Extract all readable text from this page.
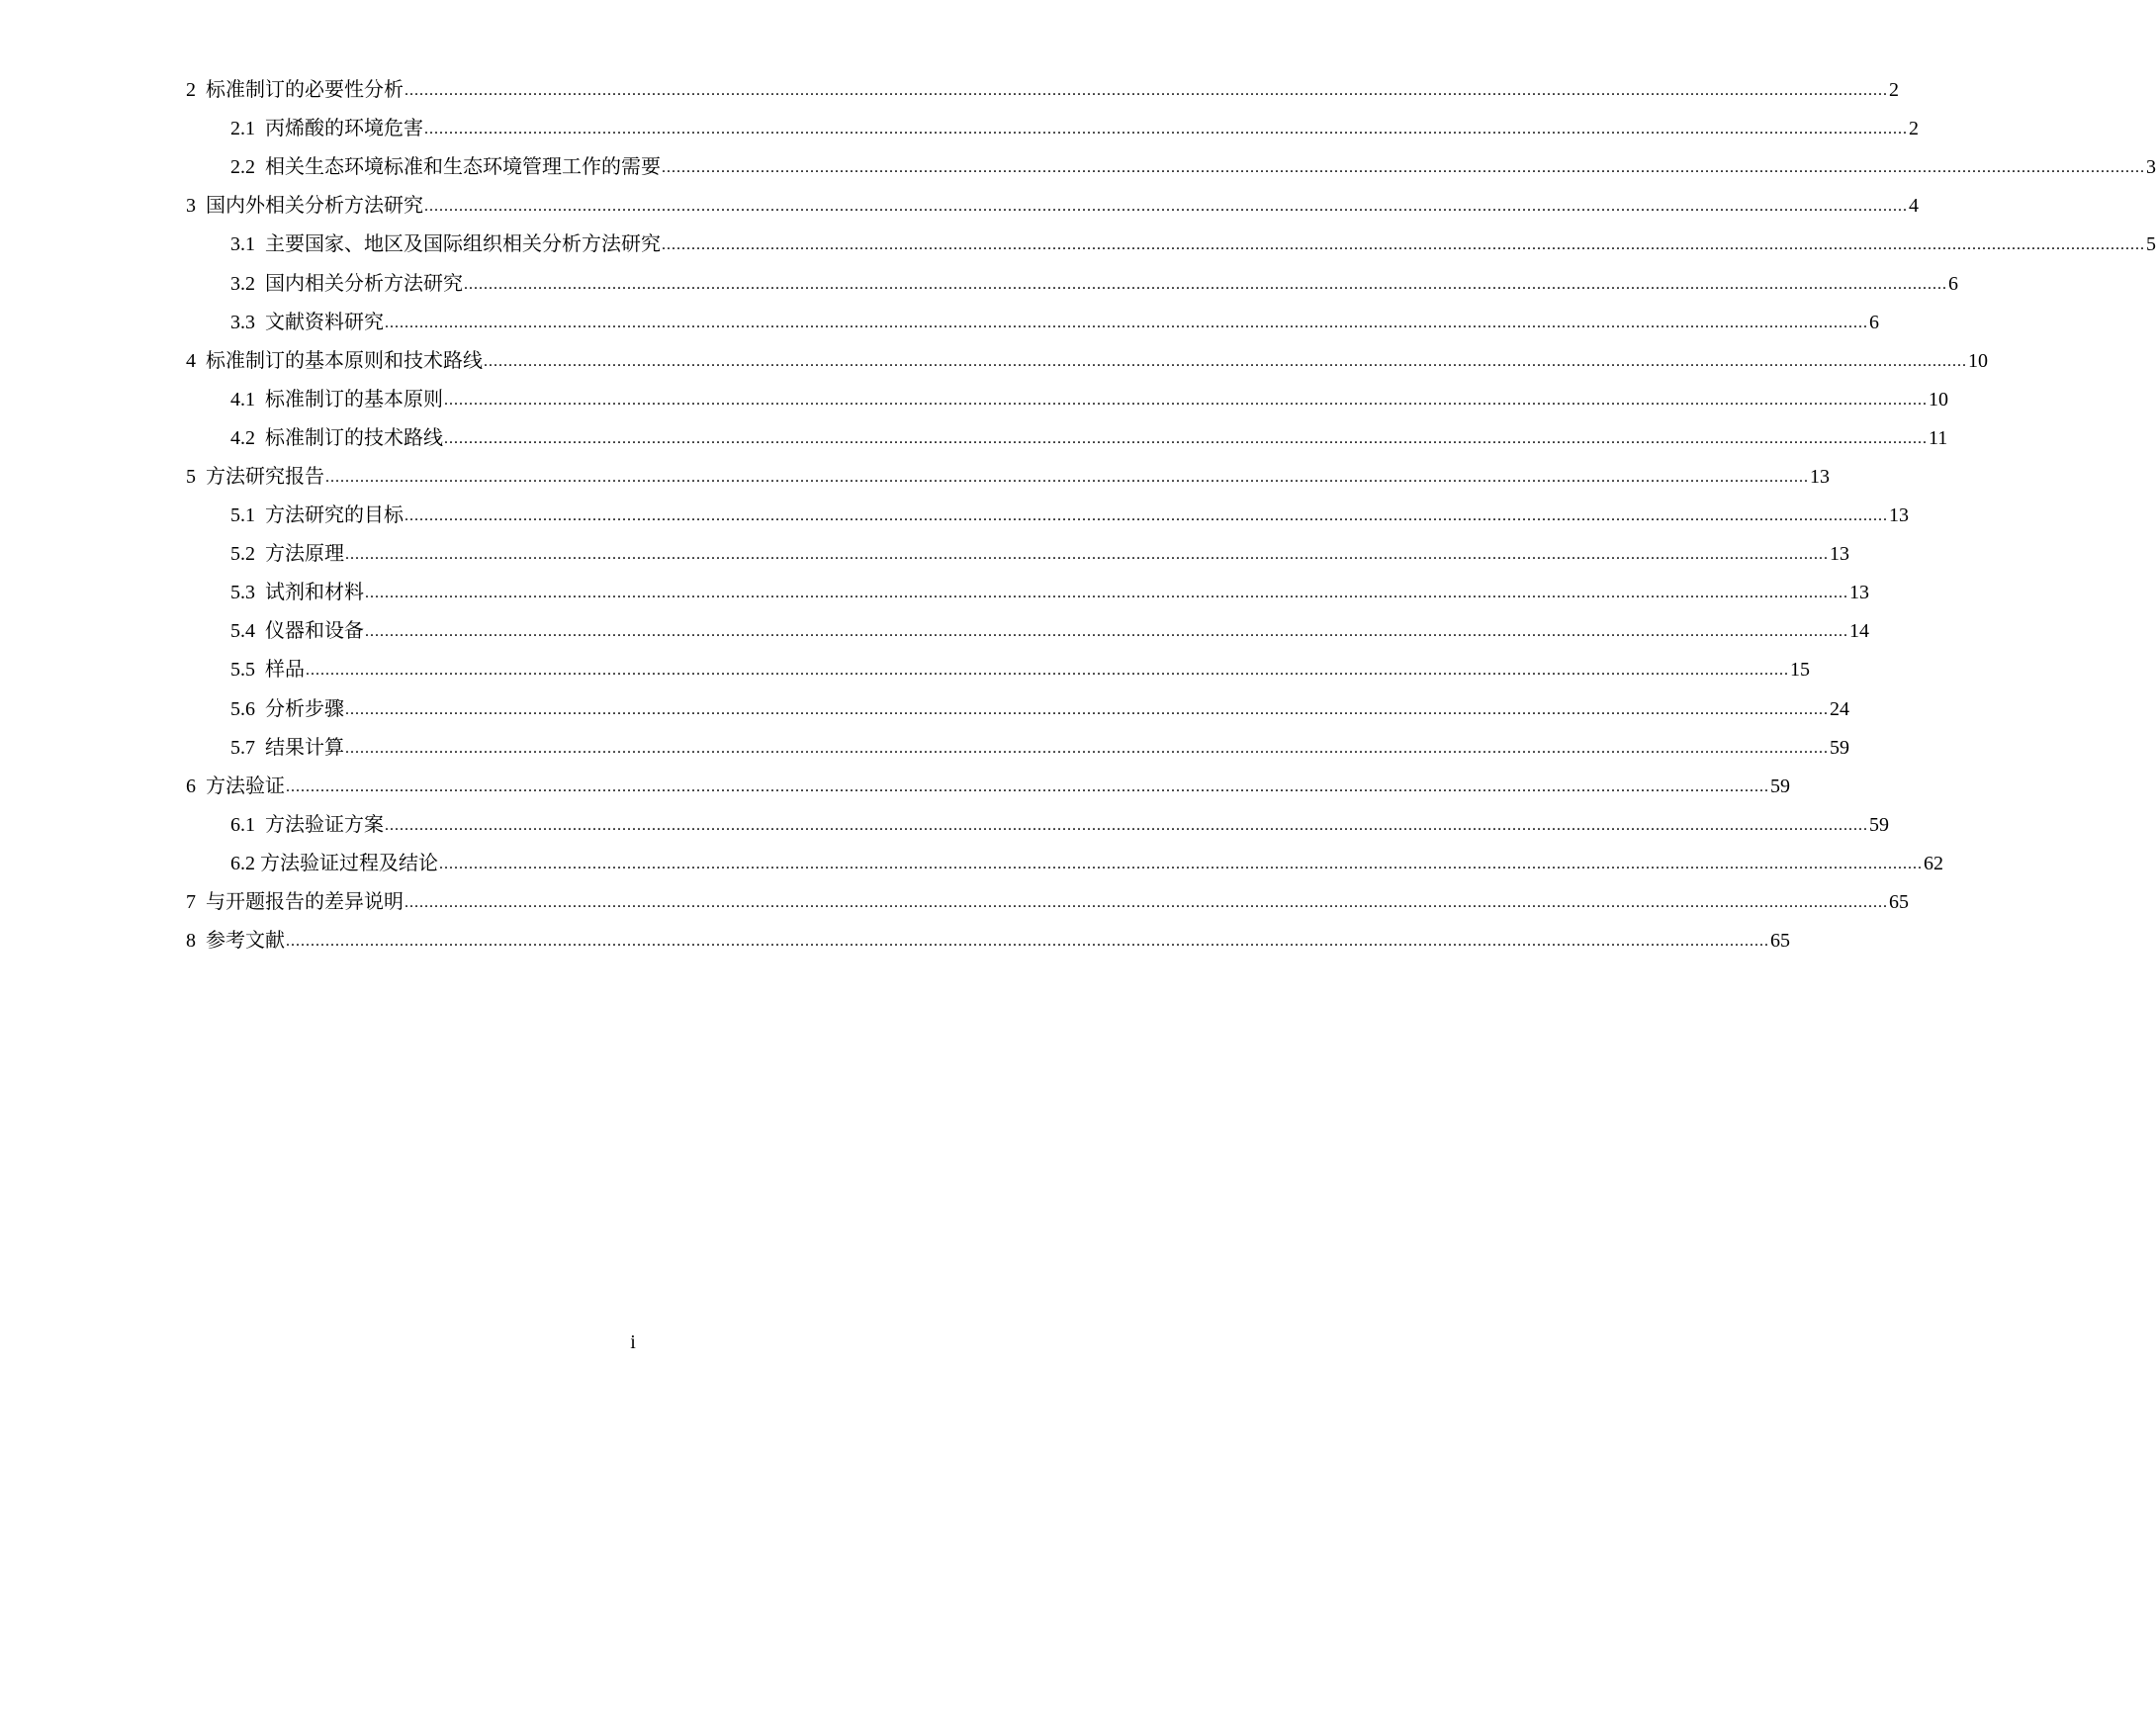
2 标准制订的必要性分析 ............................................................................................................................................................................................................................................................................................................ 2
2.1 丙烯酸的环境危害 ............................................................................................................................................................................................................................................................................................................ 2
2.2 相关生态环境标准和生态环境管理工作的需要 ............................................................................................................................................................................................................................................................................................................ 3
3 国内外相关分析方法研究 ............................................................................................................................................................................................................................................................................................................ 4
3.1 主要国家、地区及国际组织相关分析方法研究 ............................................................................................................................................................................................................................................................................................................ 5
3.2 国内相关分析方法研究 ............................................................................................................................................................................................................................................................................................................ 6
3.3 文献资料研究 ............................................................................................................................................................................................................................................................................................................ 6
4 标准制订的基本原则和技术路线 ............................................................................................................................................................................................................................................................................................................ 10
4.1 标准制订的基本原则 ............................................................................................................................................................................................................................................................................................................ 10
4.2 标准制订的技术路线 ............................................................................................................................................................................................................................................................................................................ 11
5 方法研究报告 ............................................................................................................................................................................................................................................................................................................ 13
5.1 方法研究的目标 ............................................................................................................................................................................................................................................................................................................ 13
5.2 方法原理 ............................................................................................................................................................................................................................................................................................................ 13
5.3 试剂和材料 ............................................................................................................................................................................................................................................................................................................ 13
5.4 仪器和设备 ............................................................................................................................................................................................................................................................................................................ 14
5.5 样品 ............................................................................................................................................................................................................................................................................................................ 15
5.6 分析步骤 ............................................................................................................................................................................................................................................................................................................ 24
5.7 结果计算 ............................................................................................................................................................................................................................................................................................................ 59
6 方法验证 ............................................................................................................................................................................................................................................................................................................ 59
6.1 方法验证方案 ............................................................................................................................................................................................................................................................................................................ 59
6.2 方法验证过程及结论 ............................................................................................................................................................................................................................................................................................................ 62
7 与开题报告的差异说明 ............................................................................................................................................................................................................................................................................................................ 65
8 参考文献 ............................................................................................................................................................................................................................................................................................................ 65
i
